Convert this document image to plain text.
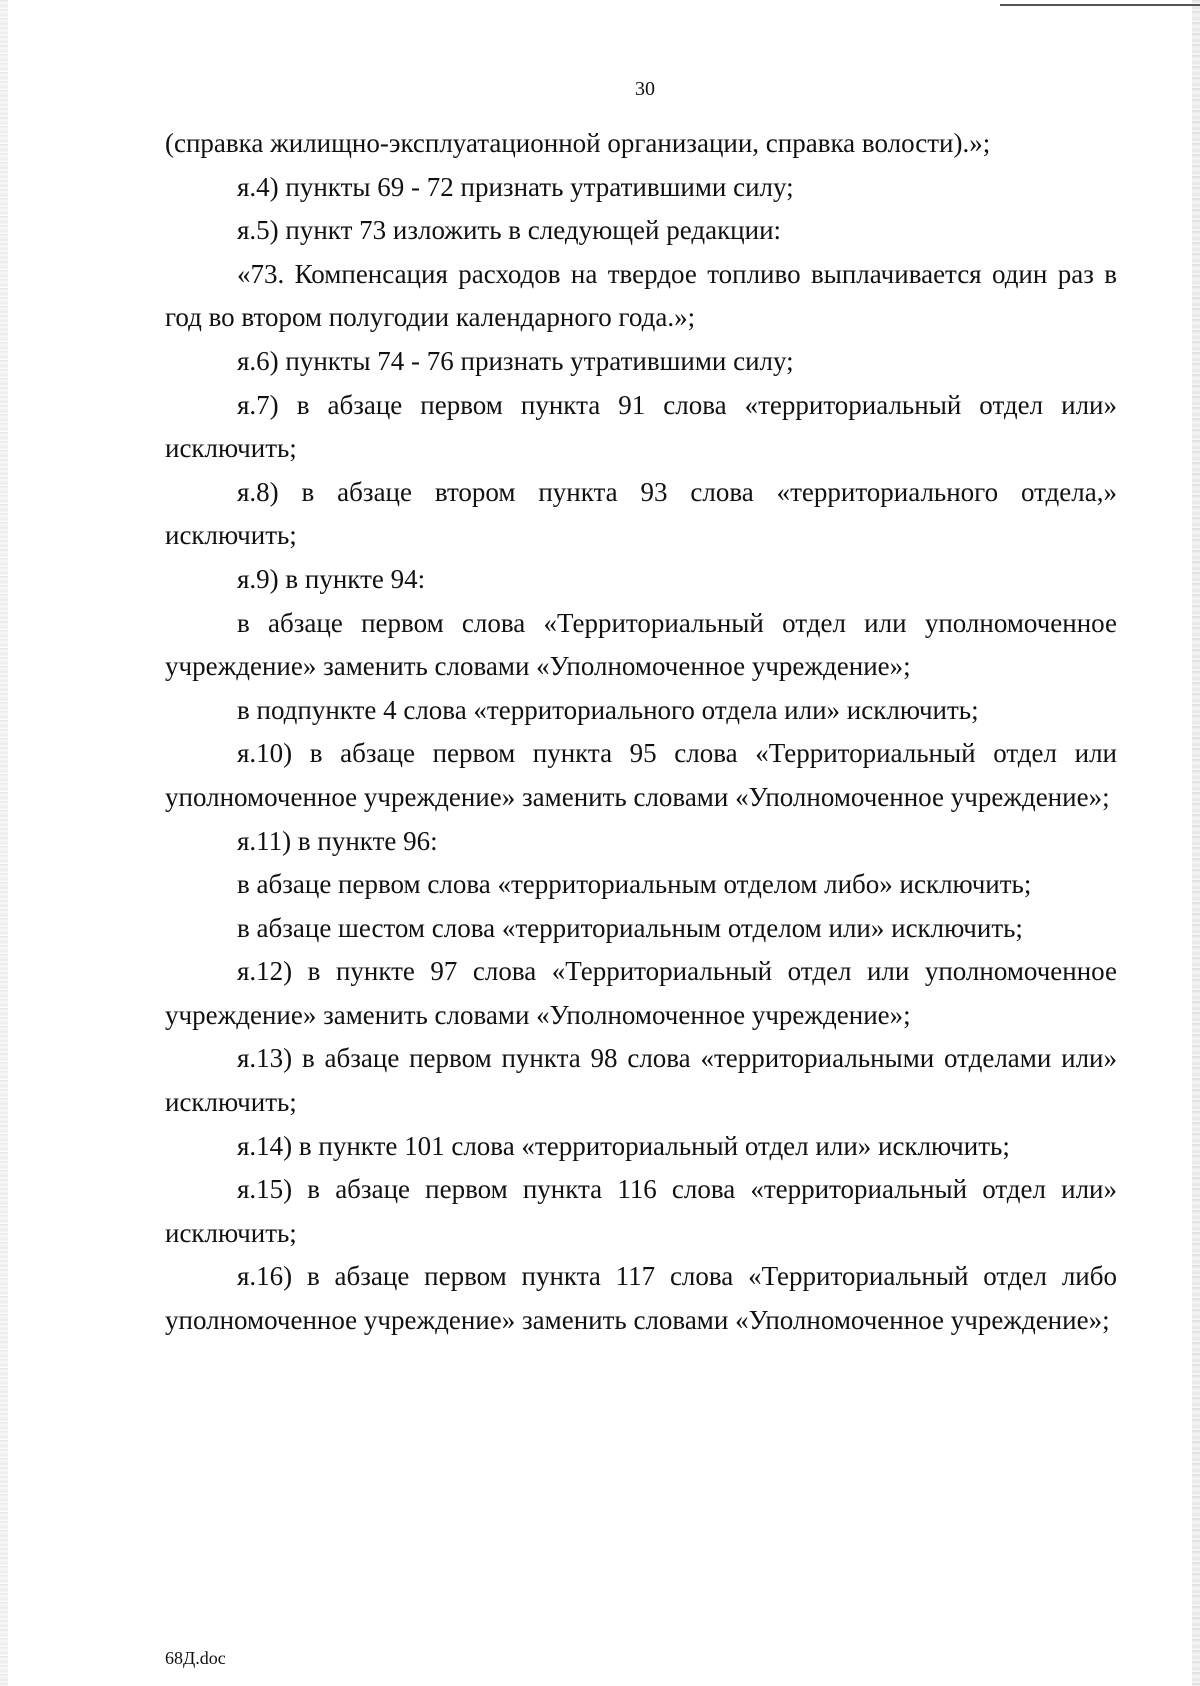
30

(справка жилищно-эксплуатационной организации, справка волости).»;

я.4) пункты 69 - 72 признать утратившими силу;

я.5) пункт 73 изложить в следующей редакции:

«73. Компенсация расходов на твердое топливо выплачивается один раз в год во втором полугодии календарного года.»;

я.6) пункты 74 - 76 признать утратившими силу;

я.7) в абзаце первом пункта 91 слова «территориальный отдел или» исключить;

я.8) в абзаце втором пункта 93 слова «территориального отдела,» исключить;

я.9) в пункте 94:

в абзаце первом слова «Территориальный отдел или уполномоченное учреждение» заменить словами «Уполномоченное учреждение»;

в подпункте 4 слова «территориального отдела или» исключить;

я.10) в абзаце первом пункта 95 слова «Территориальный отдел или уполномоченное учреждение» заменить словами «Уполномоченное учреждение»;

я.11) в пункте 96:

в абзаце первом слова «территориальным отделом либо» исключить;

в абзаце шестом слова «территориальным отделом или» исключить;

я.12) в пункте 97 слова «Территориальный отдел или уполномоченное учреждение» заменить словами «Уполномоченное учреждение»;

я.13) в абзаце первом пункта 98 слова «территориальными отделами или» исключить;

я.14) в пункте 101 слова «территориальный отдел или» исключить;

я.15) в абзаце первом пункта 116 слова «территориальный отдел или» исключить;

я.16) в абзаце первом пункта 117 слова «Территориальный отдел либо уполномоченное учреждение» заменить словами «Уполномоченное учреждение»;

68Д.doc
